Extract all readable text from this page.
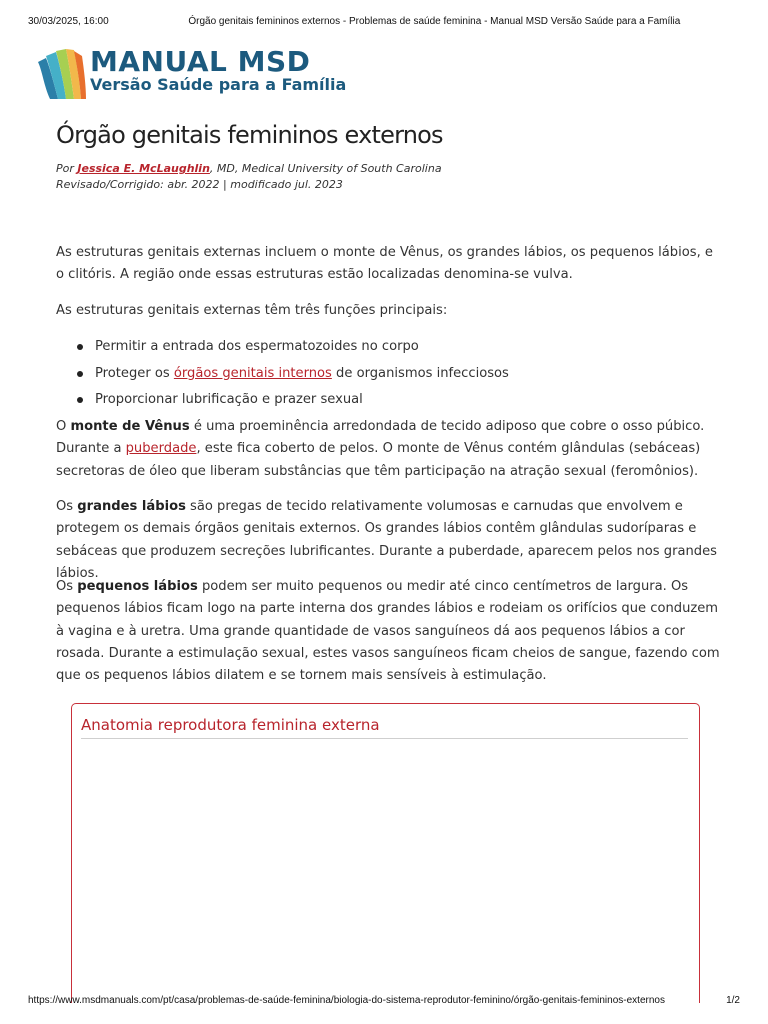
30/03/2025, 16:00	Órgão genitais femininos externos - Problemas de saúde feminina - Manual MSD Versão Saúde para a Família
MANUAL MSD
Versão Saúde para a Família
Órgão genitais femininos externos
Por Jessica E. McLaughlin, MD, Medical University of South Carolina
Revisado/Corrigido: abr. 2022 | modificado jul. 2023

As estruturas genitais externas incluem o monte de Vênus, os grandes lábios, os pequenos lábios, e o clitóris. A região onde essas estruturas estão localizadas denomina-se vulva.

As estruturas genitais externas têm três funções principais:

Permitir a entrada dos espermatozoides no corpo
Proteger os órgãos genitais internos de organismos infecciosos
Proporcionar lubrificação e prazer sexual

O monte de Vênus é uma proeminência arredondada de tecido adiposo que cobre o osso púbico. Durante a puberdade, este fica coberto de pelos. O monte de Vênus contém glândulas (sebáceas) secretoras de óleo que liberam substâncias que têm participação na atração sexual (feromônios).

Os grandes lábios são pregas de tecido relativamente volumosas e carnudas que envolvem e protegem os demais órgãos genitais externos. Os grandes lábios contêm glândulas sudoríparas e sebáceas que produzem secreções lubrificantes. Durante a puberdade, aparecem pelos nos grandes lábios.

Os pequenos lábios podem ser muito pequenos ou medir até cinco centímetros de largura. Os pequenos lábios ficam logo na parte interna dos grandes lábios e rodeiam os orifícios que conduzem à vagina e à uretra. Uma grande quantidade de vasos sanguíneos dá aos pequenos lábios a cor rosada. Durante a estimulação sexual, estes vasos sanguíneos ficam cheios de sangue, fazendo com que os pequenos lábios dilatem e se tornem mais sensíveis à estimulação.

Anatomia reprodutora feminina externa
https://www.msdmanuals.com/pt/casa/problemas-de-saúde-feminina/biologia-do-sistema-reprodutor-feminino/órgão-genitais-femininos-externos	1/2
